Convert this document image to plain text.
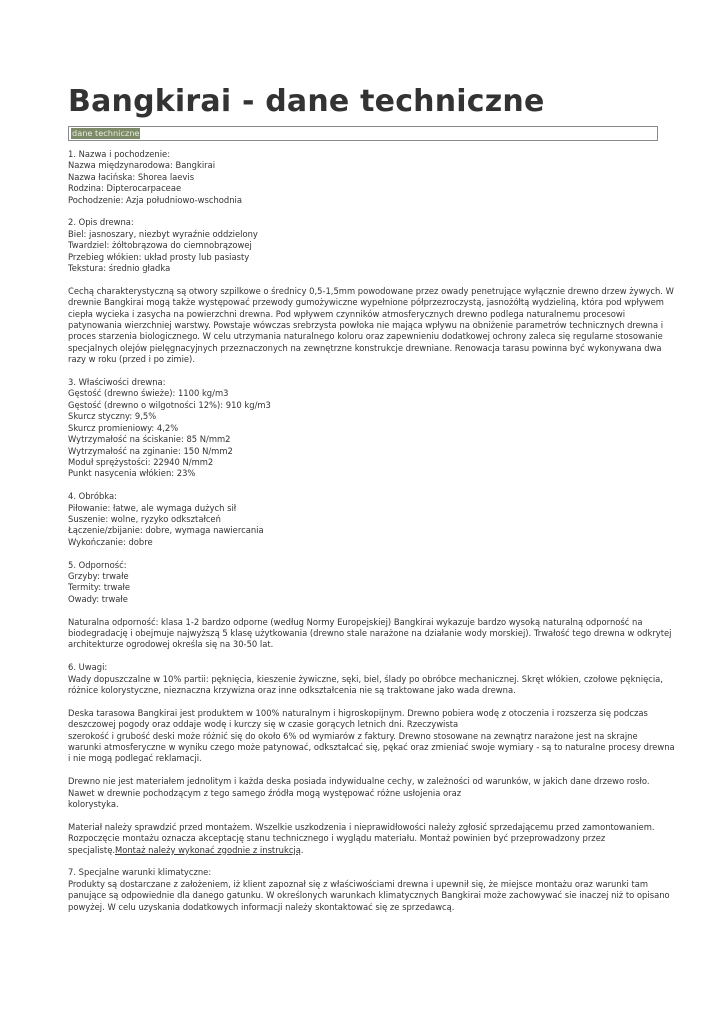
Bangkirai - dane techniczne
dane techniczne
1. Nazwa i pochodzenie:
Nazwa międzynarodowa: Bangkirai
Nazwa łacińska: Shorea laevis
Rodzina: Dipterocarpaceae
Pochodzenie: Azja południowo-wschodnia
2. Opis drewna:
Biel: jasnoszary, niezbyt wyraźnie oddzielony
Twardziel: żółtobrązowa do ciemnobrązowej
Przebieg włókien: układ prosty lub pasiasty
Tekstura: średnio gładka
Cechą charakterystyczną są otwory szpilkowe o średnicy 0,5-1,5mm powodowane przez owady penetrujące wyłącznie drewno drzew żywych. W
drewnie Bangkirai mogą także występować przewody gumożywiczne wypełnione półprzezroczystą, jasnożółtą wydzieliną, która pod wpływem
ciepła wycieka i zasycha na powierzchni drewna. Pod wpływem czynników atmosferycznych drewno podlega naturalnemu procesowi
patynowania wierzchniej warstwy. Powstaje wówczas srebrzysta powłoka nie mająca wpływu na obniżenie parametrów technicznych drewna i
proces starzenia biologicznego. W celu utrzymania naturalnego koloru oraz zapewnieniu dodatkowej ochrony zaleca się regularne stosowanie
specjalnych olejów pielęgnacyjnych przeznaczonych na zewnętrzne konstrukcje drewniane. Renowacja tarasu powinna być wykonywana dwa
razy w roku (przed i po zimie).
3. Właściwości drewna:
Gęstość (drewno świeże): 1100 kg/m3
Gęstość (drewno o wilgotności 12%): 910 kg/m3
Skurcz styczny: 9,5%
Skurcz promieniowy: 4,2%
Wytrzymałość na ściskanie: 85 N/mm2
Wytrzymałość na zginanie: 150 N/mm2
Moduł sprężystości: 22940 N/mm2
Punkt nasycenia włókien: 23%
4. Obróbka:
Piłowanie: łatwe, ale wymaga dużych sił
Suszenie: wolne, ryzyko odkształceń
Łączenie/zbijanie: dobre, wymaga nawiercania
Wykończanie: dobre
5. Odporność:
Grzyby: trwałe
Termity: trwałe
Owady: trwałe
Naturalna odporność: klasa 1-2 bardzo odporne (według Normy Europejskiej) Bangkirai wykazuje bardzo wysoką naturalną odporność na
biodegradację i obejmuje najwyższą 5 klasę użytkowania (drewno stale narażone na działanie wody morskiej). Trwałość tego drewna w odkrytej
architekturze ogrodowej określa się na 30-50 lat.
6. Uwagi:
Wady dopuszczalne w 10% partii: pęknięcia, kieszenie żywiczne, sęki, biel, ślady po obróbce mechanicznej. Skręt włókien, czołowe pęknięcia,
różnice kolorystyczne, nieznaczna krzywizna oraz inne odkształcenia nie są traktowane jako wada drewna.
Deska tarasowa Bangkirai jest produktem w 100% naturalnym i higroskopijnym. Drewno pobiera wodę z otoczenia i rozszerza się podczas
deszczowej pogody oraz oddaje wodę i kurczy się w czasie gorących letnich dni. Rzeczywista
szerokość i grubość deski może różnić się do około 6% od wymiarów z faktury. Drewno stosowane na zewnątrz narażone jest na skrajne
warunki atmosferyczne w wyniku czego może patynować, odkształcać się, pękać oraz zmieniać swoje wymiary - są to naturalne procesy drewna
i nie mogą podlegać reklamacji.
Drewno nie jest materiałem jednolitym i każda deska posiada indywidualne cechy, w zależności od warunków, w jakich dane drzewo rosło.
Nawet w drewnie pochodzącym z tego samego źródła mogą występować różne usłojenia oraz
kolorystyka.
Materiał należy sprawdzić przed montażem. Wszelkie uszkodzenia i nieprawidłowości należy zgłosić sprzedającemu przed zamontowaniem.
Rozpoczęcie montażu oznacza akceptację stanu technicznego i wyglądu materiału. Montaż powinien być przeprowadzony przez
specjalistę.Montaż należy wykonać zgodnie z instrukcją.
7. Specjalne warunki klimatyczne:
Produkty są dostarczane z założeniem, iż klient zapoznał się z właściwościami drewna i upewnił się, że miejsce montażu oraz warunki tam
panujące są odpowiednie dla danego gatunku. W określonych warunkach klimatycznych Bangkirai może zachowywać sie inaczej niż to opisano
powyżej. W celu uzyskania dodatkowych informacji należy skontaktować się ze sprzedawcą.
